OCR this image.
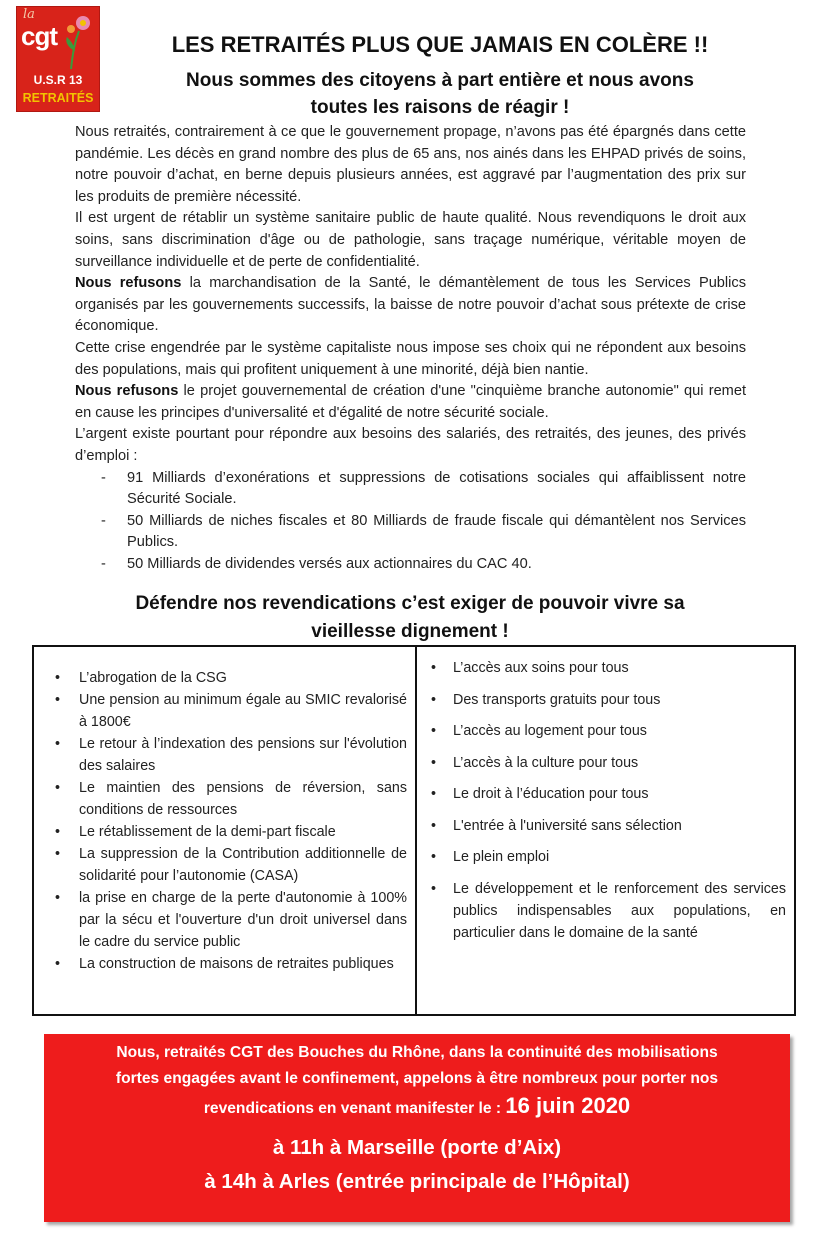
la
cgt
U.S.R 13
RETRAITÉS
LES RETRAITÉS PLUS QUE JAMAIS EN COLÈRE !!
Nous sommes des citoyens à part entière et nous avons
toutes les raisons de réagir !

Nous retraités, contrairement à ce que le gouvernement propage, n’avons pas été épargnés dans cette pandémie. Les décès en grand nombre des plus de 65 ans, nos ainés dans les EHPAD privés de soins, notre pouvoir d’achat, en berne depuis plusieurs années, est aggravé par l’augmentation des prix sur les produits de première nécessité.

Il est urgent de rétablir un système sanitaire public de haute qualité. Nous revendiquons le droit aux soins, sans discrimination d'âge ou de pathologie, sans traçage numérique, véritable moyen de surveillance individuelle et de perte de confidentialité.

Nous refusons la marchandisation de la Santé, le démantèlement de tous les Services Publics organisés par les gouvernements successifs, la baisse de notre pouvoir d’achat sous prétexte de crise économique.

Cette crise engendrée par le système capitaliste nous impose ses choix qui ne répondent aux besoins des populations, mais qui profitent uniquement à une minorité, déjà bien nantie.

Nous refusons le projet gouvernemental de création d'une "cinquième branche autonomie" qui remet en cause les principes d'universalité et d'égalité de notre sécurité sociale.

L’argent existe pourtant pour répondre aux besoins des salariés, des retraités, des jeunes, des privés d’emploi :

- 91 Milliards d’exonérations et suppressions de cotisations sociales qui affaiblissent notre Sécurité Sociale.
- 50 Milliards de niches fiscales et 80 Milliards de fraude fiscale qui démantèlent nos Services Publics.
- 50 Milliards de dividendes versés aux actionnaires du CAC 40.
Défendre nos revendications c’est exiger de pouvoir vivre sa
vieillesse dignement !
• L’abrogation de la CSG
• Une pension au minimum égale au SMIC revalorisé à 1800€
• Le retour à l’indexation des pensions sur l'évolution des salaires
• Le maintien des pensions de réversion, sans conditions de ressources
• Le rétablissement de la demi-part fiscale
• La suppression de la Contribution additionnelle de solidarité pour l’autonomie (CASA)
• la prise en charge de la perte d'autonomie à 100% par la sécu et l'ouverture d'un droit universel dans le cadre du service public
• La construction de maisons de retraites publiques
• L’accès aux soins pour tous
• Des transports gratuits pour tous
• L’accès au logement pour tous
• L’accès à la culture pour tous
• Le droit à l’éducation pour tous
• L'entrée à l'université sans sélection
• Le plein emploi
• Le développement et le renforcement des services publics indispensables aux populations, en particulier dans le domaine de la santé
Nous, retraités CGT des Bouches du Rhône, dans la continuité des mobilisations
fortes engagées avant le confinement, appelons à être nombreux pour porter nos
revendications en venant manifester le : 16 juin 2020
à 11h à Marseille (porte d’Aix)
à 14h à Arles (entrée principale de l’Hôpital)
